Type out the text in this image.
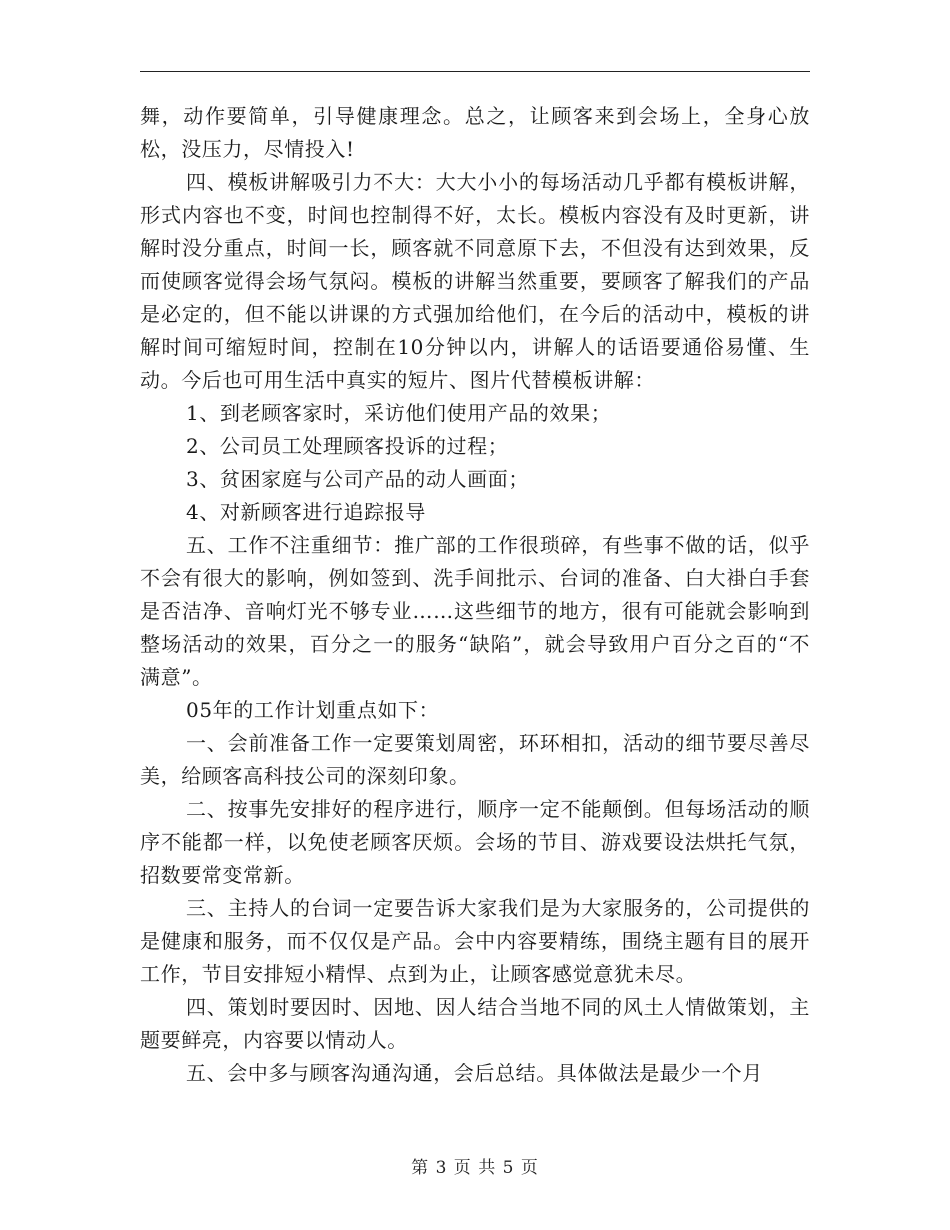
舞，动作要简单，引导健康理念。总之，让顾客来到会场上，全身心放松，没压力，尽情投入!

四、模板讲解吸引力不大：大大小小的每场活动几乎都有模板讲解，形式内容也不变，时间也控制得不好，太长。模板内容没有及时更新，讲解时没分重点，时间一长，顾客就不同意原下去，不但没有达到效果，反而使顾客觉得会场气氛闷。模板的讲解当然重要，要顾客了解我们的产品是必定的，但不能以讲课的方式强加给他们，在今后的活动中，模板的讲解时间可缩短时间，控制在10分钟以内，讲解人的话语要通俗易懂、生动。今后也可用生活中真实的短片、图片代替模板讲解：

1、到老顾客家时，采访他们使用产品的效果；

2、公司员工处理顾客投诉的过程；

3、贫困家庭与公司产品的动人画面；

4、对新顾客进行追踪报导

五、工作不注重细节：推广部的工作很琐碎，有些事不做的话，似乎不会有很大的影响，例如签到、洗手间批示、台词的准备、白大褂白手套是否洁净、音响灯光不够专业……这些细节的地方，很有可能就会影响到整场活动的效果，百分之一的服务“缺陷”，就会导致用户百分之百的“不满意”。

05年的工作计划重点如下：

一、会前准备工作一定要策划周密，环环相扣，活动的细节要尽善尽美，给顾客高科技公司的深刻印象。

二、按事先安排好的程序进行，顺序一定不能颠倒。但每场活动的顺序不能都一样，以免使老顾客厌烦。会场的节目、游戏要设法烘托气氛，招数要常变常新。

三、主持人的台词一定要告诉大家我们是为大家服务的，公司提供的是健康和服务，而不仅仅是产品。会中内容要精练，围绕主题有目的展开工作，节目安排短小精悍、点到为止，让顾客感觉意犹未尽。

四、策划时要因时、因地、因人结合当地不同的风土人情做策划，主题要鲜亮，内容要以情动人。

五、会中多与顾客沟通沟通，会后总结。具体做法是最少一个月

第 3 页 共 5 页
